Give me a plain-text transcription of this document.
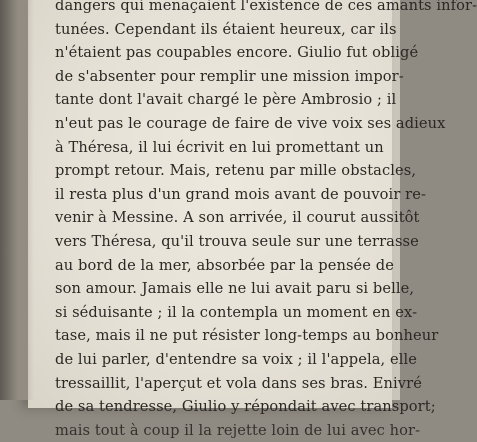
dangers qui menaçaient l'existence de ces amants infor-
tunées. Cependant ils étaient heureux, car ils
n'étaient pas coupables encore. Giulio fut obligé
de s'absenter pour remplir une mission impor-
tante dont l'avait chargé le père Ambrosio ; il
n'eut pas le courage de faire de vive voix ses adieux
à Théresa, il lui écrivit en lui promettant un
prompt retour. Mais, retenu par mille obstacles,
il resta plus d'un grand mois avant de pouvoir re-
venir à Messine. A son arrivée, il courut aussitôt
vers Théresa, qu'il trouva seule sur une terrasse
au bord de la mer, absorbée par la pensée de
son amour. Jamais elle ne lui avait paru si belle,
si séduisante ; il la contempla un moment en ex-
tase, mais il ne put résister long-temps au bonheur
de lui parler, d'entendre sa voix ; il l'appela, elle
tressaillit, l'aperçut et vola dans ses bras. Enivré
de sa tendresse, Giulio y répondait avec transport;
mais tout à coup il la rejette loin de lui avec hor-
